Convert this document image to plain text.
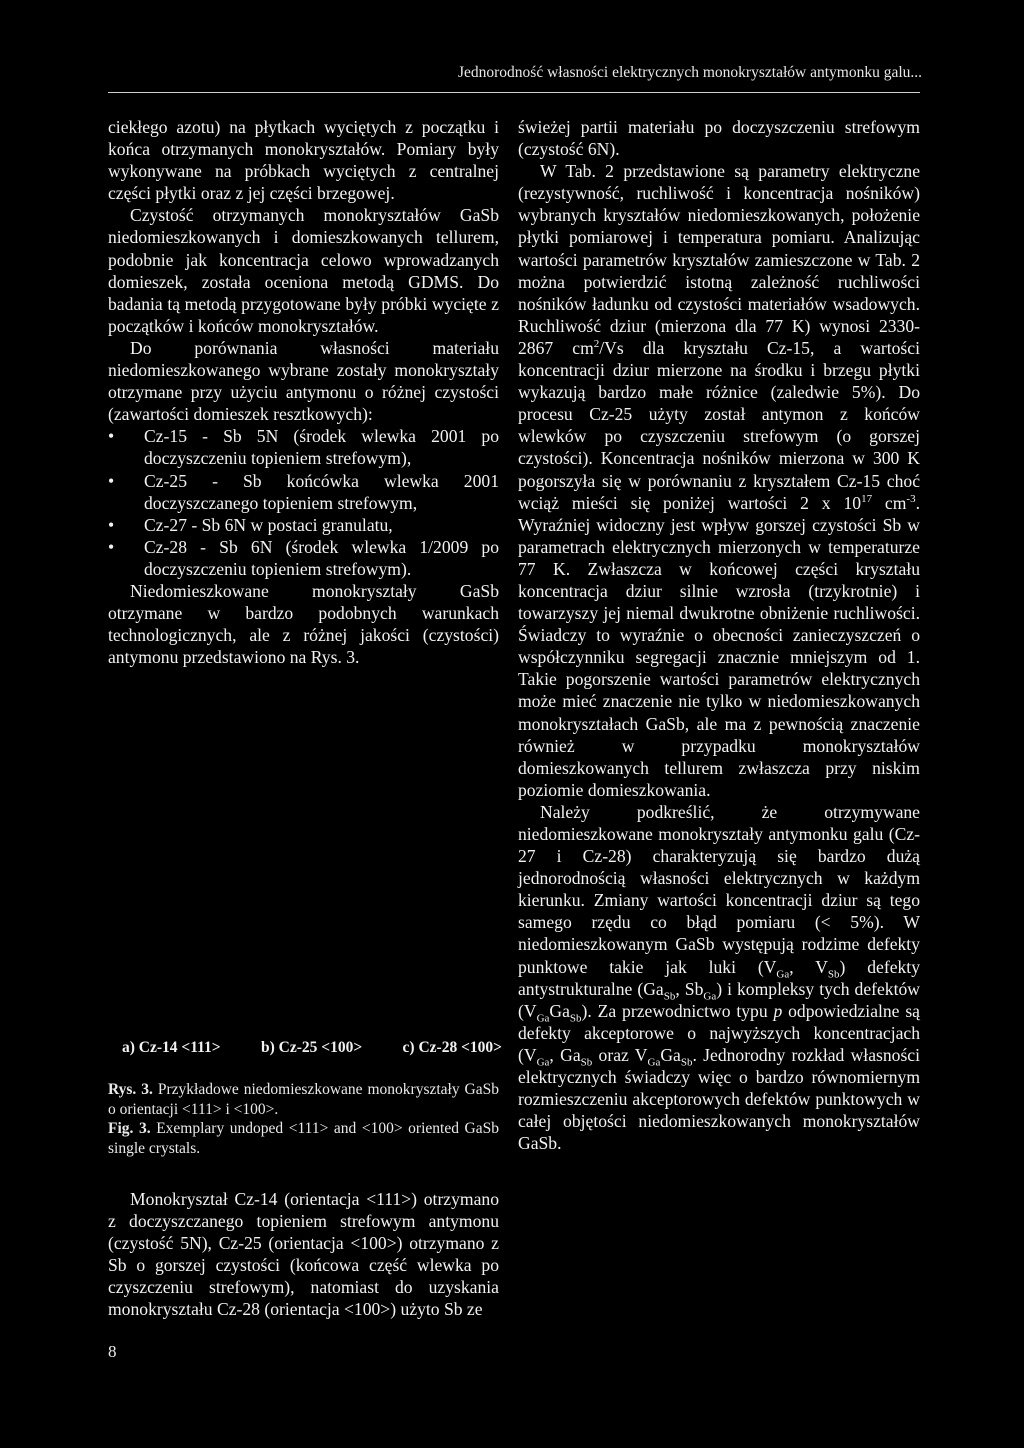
Jednorodność własności elektrycznych monokryształów antymonku galu...

ciekłego azotu) na płytkach wyciętych z początku i końca otrzymanych monokryształów. Pomiary były wykonywane na próbkach wyciętych z centralnej części płytki oraz z jej części brzegowej.

Czystość otrzymanych monokryształów GaSb niedomieszkowanych i domieszkowanych tellurem, podobnie jak koncentracja celowo wprowadzanych domieszek, została oceniona metodą GDMS. Do badania tą metodą przygotowane były próbki wycięte z początków i końców monokryształów.

Do porównania własności materiału niedomieszkowanego wybrane zostały monokryształy otrzymane przy użyciu antymonu o różnej czystości (zawartości domieszek resztkowych):

• Cz-15 - Sb 5N (środek wlewka 2001 po doczyszczeniu topieniem strefowym),
• Cz-25 - Sb końcówka wlewka 2001 doczyszczanego topieniem strefowym,
• Cz-27 - Sb 6N w postaci granulatu,
• Cz-28 - Sb 6N (środek wlewka 1/2009 po doczyszczeniu topieniem strefowym).

Niedomieszkowane monokryształy GaSb otrzymane w bardzo podobnych warunkach technologicznych, ale z różnej jakości (czystości) antymonu przedstawiono na Rys. 3.

a) Cz-14 <111>	b) Cz-25 <100>	c) Cz-28 <100>
Rys. 3. Przykładowe niedomieszkowane monokryształy GaSb o orientacji <111> i <100>.
Fig. 3. Exemplary undoped <111> and <100> oriented GaSb single crystals.

Monokryształ Cz-14 (orientacja <111>) otrzymano z doczyszczanego topieniem strefowym antymonu (czystość 5N), Cz-25 (orientacja <100>) otrzymano z Sb o gorszej czystości (końcowa część wlewka po czyszczeniu strefowym), natomiast do uzyskania monokryształu Cz-28 (orientacja <100>) użyto Sb ze

świeżej partii materiału po doczyszczeniu strefowym (czystość 6N).

W Tab. 2 przedstawione są parametry elektryczne (rezystywność, ruchliwość i koncentracja nośników) wybranych kryształów niedomieszkowanych, położenie płytki pomiarowej i temperatura pomiaru. Analizując wartości parametrów kryształów zamieszczone w Tab. 2 można potwierdzić istotną zależność ruchliwości nośników ładunku od czystości materiałów wsadowych. Ruchliwość dziur (mierzona dla 77 K) wynosi 2330-2867 $cm^2/Vs$ dla kryształu Cz-15, a wartości koncentracji dziur mierzone na środku i brzegu płytki wykazują bardzo małe różnice (zaledwie 5%). Do procesu Cz-25 użyty został antymon z końców wlewków po czyszczeniu strefowym (o gorszej czystości). Koncentracja nośników mierzona w 300 K pogorszyła się w porównaniu z kryształem Cz-15 choć wciąż mieści się poniżej wartości 2 x $10^{17}$ $cm^{-3}$. Wyraźniej widoczny jest wpływ gorszej czystości Sb w parametrach elektrycznych mierzonych w temperaturze 77 K. Zwłaszcza w końcowej części kryształu koncentracja dziur silnie wzrosła (trzykrotnie) i towarzyszy jej niemal dwukrotne obniżenie ruchliwości. Świadczy to wyraźnie o obecności zanieczyszczeń o współczynniku segregacji znacznie mniejszym od 1. Takie pogorszenie wartości parametrów elektrycznych może mieć znaczenie nie tylko w niedomieszkowanych monokryształach GaSb, ale ma z pewnością znaczenie również w przypadku monokryształów domieszkowanych tellurem zwłaszcza przy niskim poziomie domieszkowania.

Należy podkreślić, że otrzymywane niedomieszkowane monokryształy antymonku galu (Cz-27 i Cz-28) charakteryzują się bardzo dużą jednorodnością własności elektrycznych w każdym kierunku. Zmiany wartości koncentracji dziur są tego samego rzędu co błąd pomiaru (< 5%). W niedomieszkowanym GaSb występują rodzime defekty punktowe takie jak luki ($V_{Ga}$, $V_{Sb}$) defekty antystrukturalne ($Ga_{Sb}$, $Sb_{Ga}$) i kompleksy tych defektów $(V_{Ga}Ga_{Sb})$. Za przewodnictwo typu p odpowiedzialne są defekty akceptorowe o najwyższych koncentracjach ($V_{Ga}$, $Ga_{Sb}$ oraz $V_{Ga}Ga_{Sb}$. Jednorodny rozkład własności elektrycznych świadczy więc o bardzo równomiernym rozmieszczeniu akceptorowych defektów punktowych w całej objętości niedomieszkowanych monokryształów GaSb.

8
